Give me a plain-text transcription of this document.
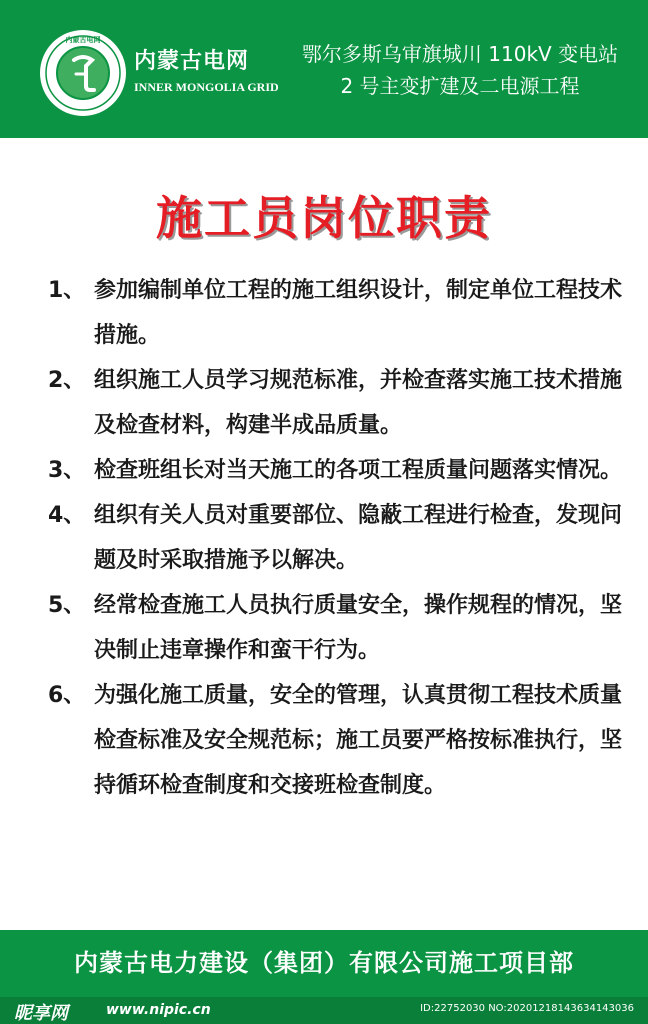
内蒙古电网
内蒙古电网
INNER MONGOLIA GRID
鄂尔多斯乌审旗城川 110kV 变电站
2 号主变扩建及二电源工程
施工员岗位职责
1、 参加编制单位工程的施工组织设计，制定单位工程技术措施。
2、 组织施工人员学习规范标准，并检查落实施工技术措施及检查材料，构建半成品质量。
3、 检查班组长对当天施工的各项工程质量问题落实情况。
4、 组织有关人员对重要部位、隐蔽工程进行检查，发现问题及时采取措施予以解决。
5、 经常检查施工人员执行质量安全，操作规程的情况，坚决制止违章操作和蛮干行为。
6、 为强化施工质量，安全的管理，认真贯彻工程技术质量检查标准及安全规范标；施工员要严格按标准执行，坚持循环检查制度和交接班检查制度。
内蒙古电力建设（集团）有限公司施工项目部
昵享网	www.nipic.cn	ID:22752030 NO:20201218143634143036
